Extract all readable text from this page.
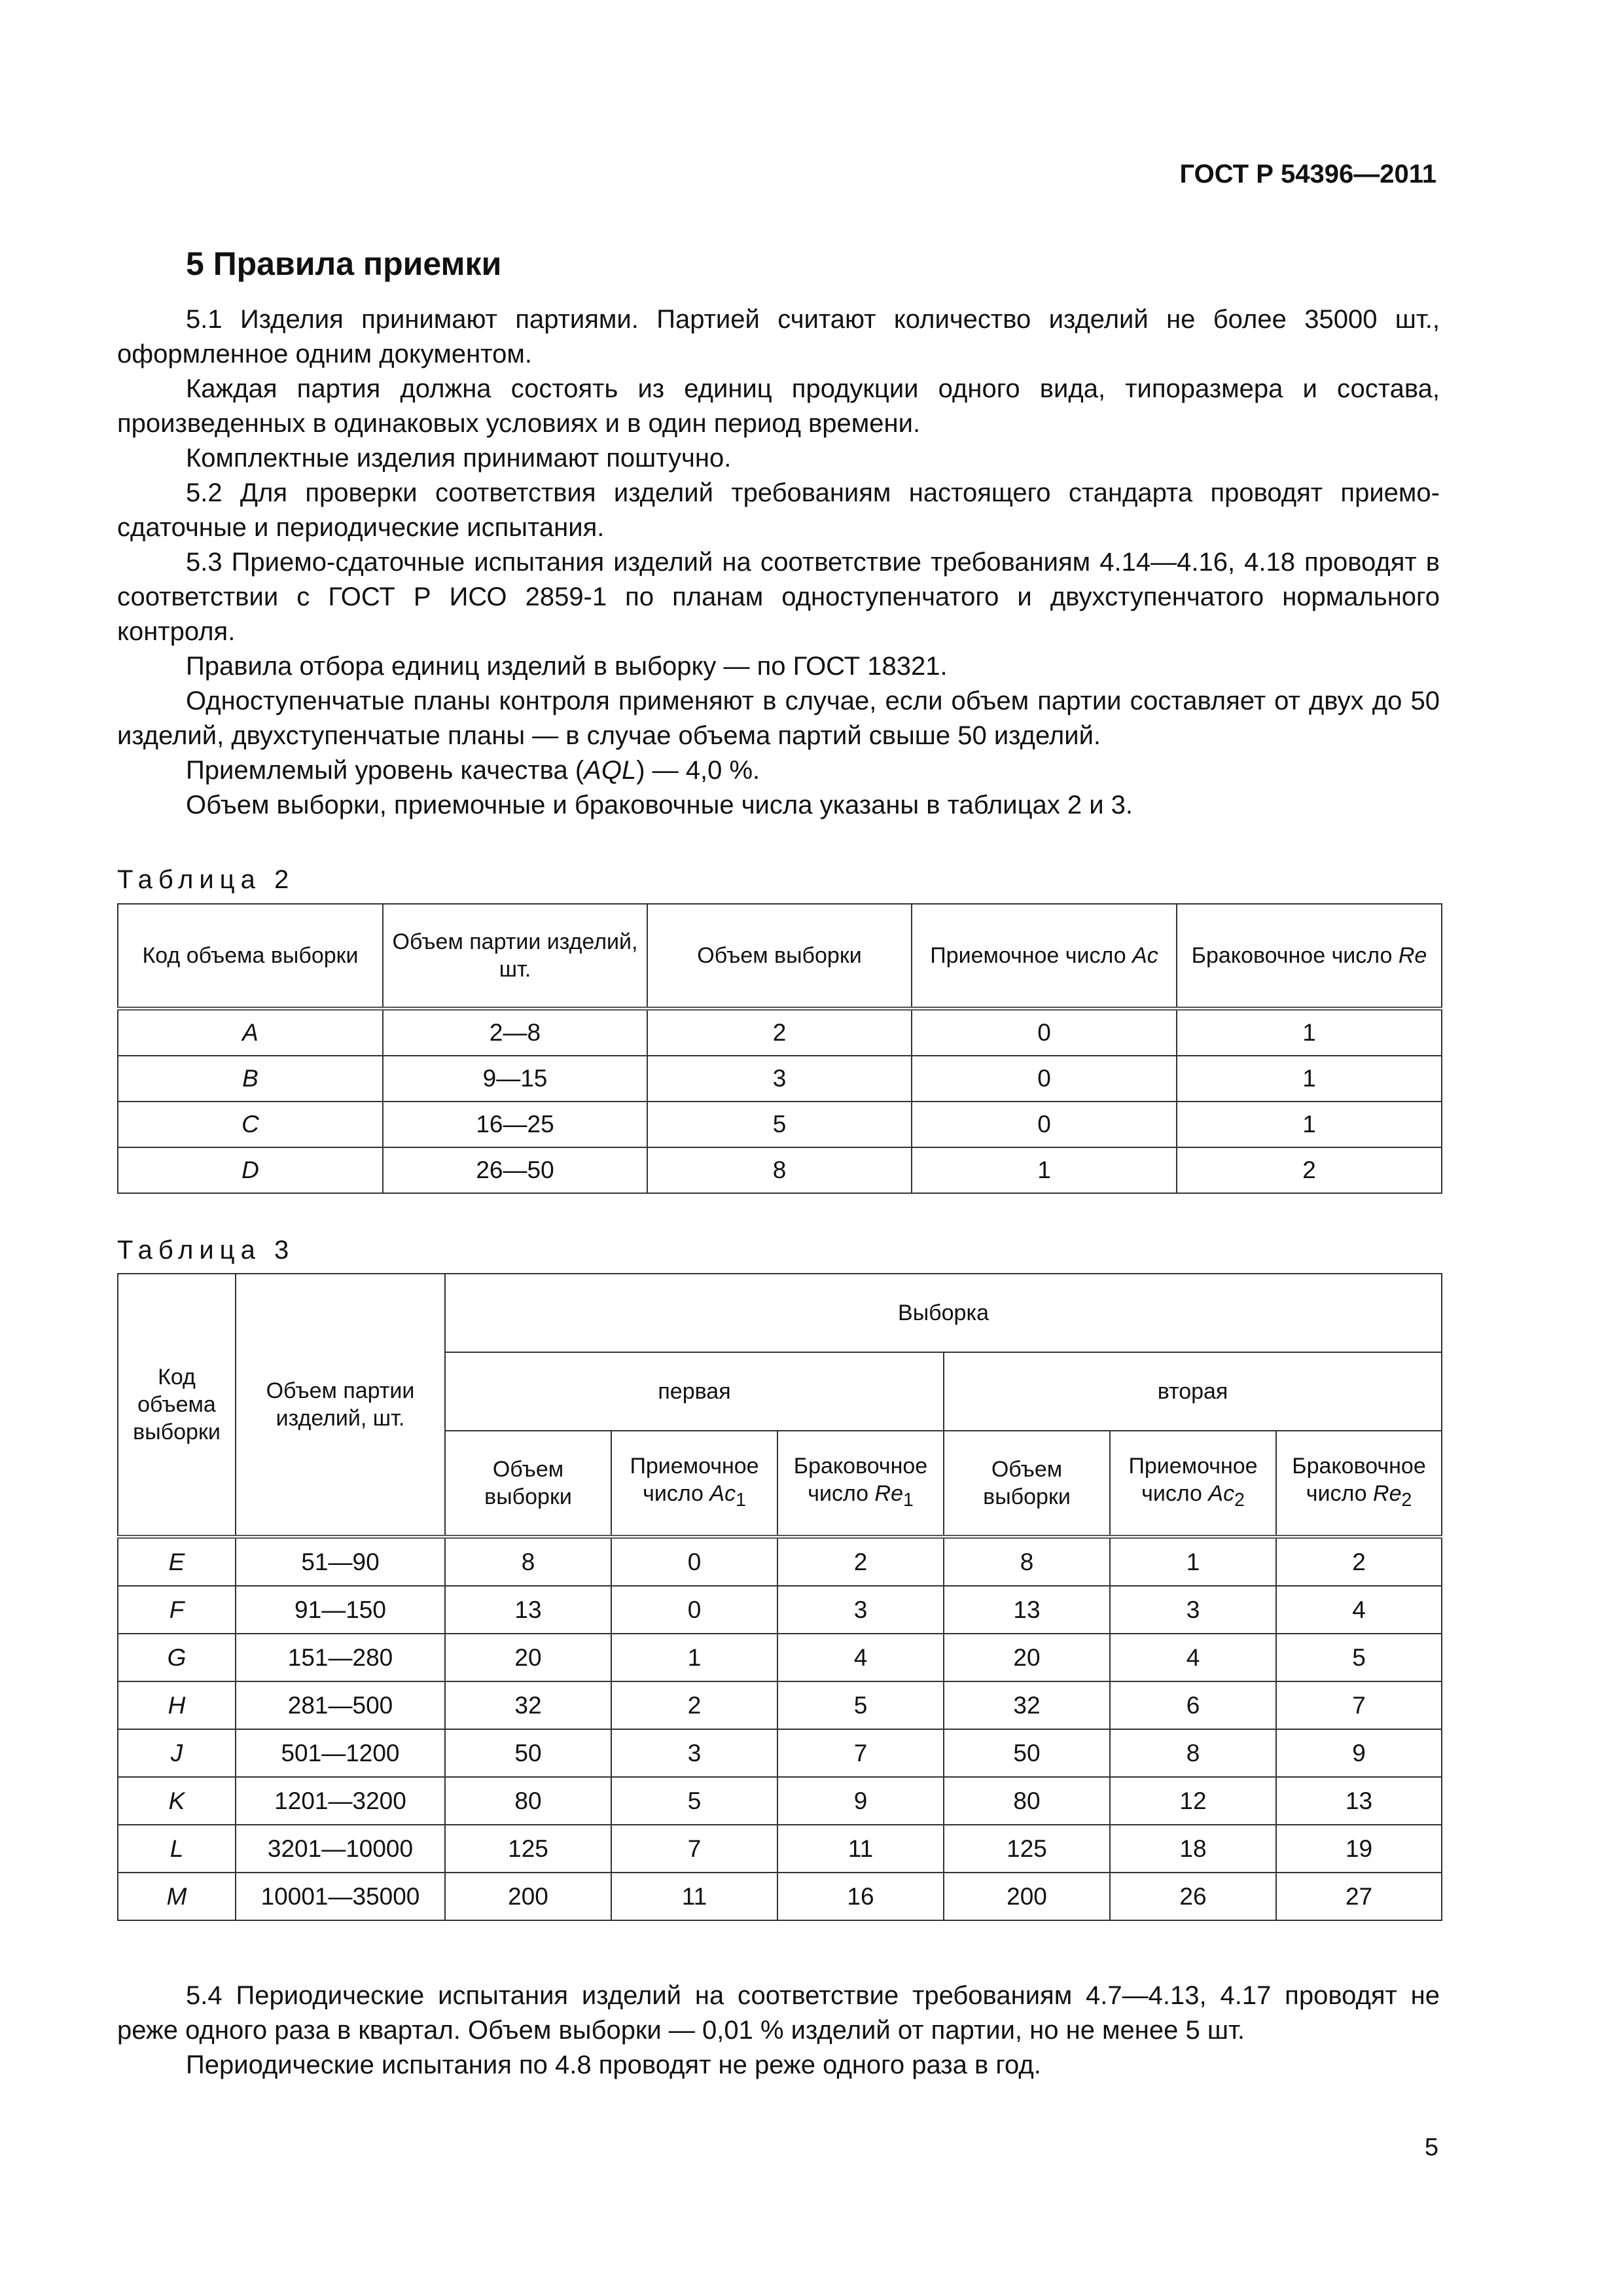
ГОСТ Р 54396—2011
5 Правила приемки

5.1 Изделия принимают партиями. Партией считают количество изделий не более 35000 шт., оформленное одним документом.

Каждая партия должна состоять из единиц продукции одного вида, типоразмера и состава, произведенных в одинаковых условиях и в один период времени.

Комплектные изделия принимают поштучно.

5.2 Для проверки соответствия изделий требованиям настоящего стандарта проводят приемо-сдаточные и периодические испытания.

5.3 Приемо-сдаточные испытания изделий на соответствие требованиям 4.14—4.16, 4.18 проводят в соответствии с ГОСТ Р ИСО 2859-1 по планам одноступенчатого и двухступенчатого нормального контроля.

Правила отбора единиц изделий в выборку — по ГОСТ 18321.

Одноступенчатые планы контроля применяют в случае, если объем партии составляет от двух до 50 изделий, двухступенчатые планы — в случае объема партий свыше 50 изделий.

Приемлемый уровень качества (AQL) — 4,0 %.

Объем выборки, приемочные и браковочные числа указаны в таблицах 2 и 3.

Таблица 2
Код объема выборки	Объем партии изделий, шт.	Объем выборки	Приемочное число Ac	Браковочное число Re
A	2—8	2	0	1
B	9—15	3	0	1
C	16—25	5	0	1
D	26—50	8	1	2
Таблица 3
Код объема выборки	Объем партии изделий, шт.	Выборка					
		первая			вторая		
		Объем выборки	Приемочное число $Ac_1$	Браковочное число $Re_1$	Объем выборки	Приемочное число $Ac_2$	Браковочное число $Re_2$
E	51—90	8	0	2	8	1	2
F	91—150	13	0	3	13	3	4
G	151—280	20	1	4	20	4	5
H	281—500	32	2	5	32	6	7
J	501—1200	50	3	7	50	8	9
K	1201—3200	80	5	9	80	12	13
L	3201—10000	125	7	11	125	18	19
M	10001—35000	200	11	16	200	26	27

5.4 Периодические испытания изделий на соответствие требованиям 4.7—4.13, 4.17 проводят не реже одного раза в квартал. Объем выборки — 0,01 % изделий от партии, но не менее 5 шт.

Периодические испытания по 4.8 проводят не реже одного раза в год.

5
